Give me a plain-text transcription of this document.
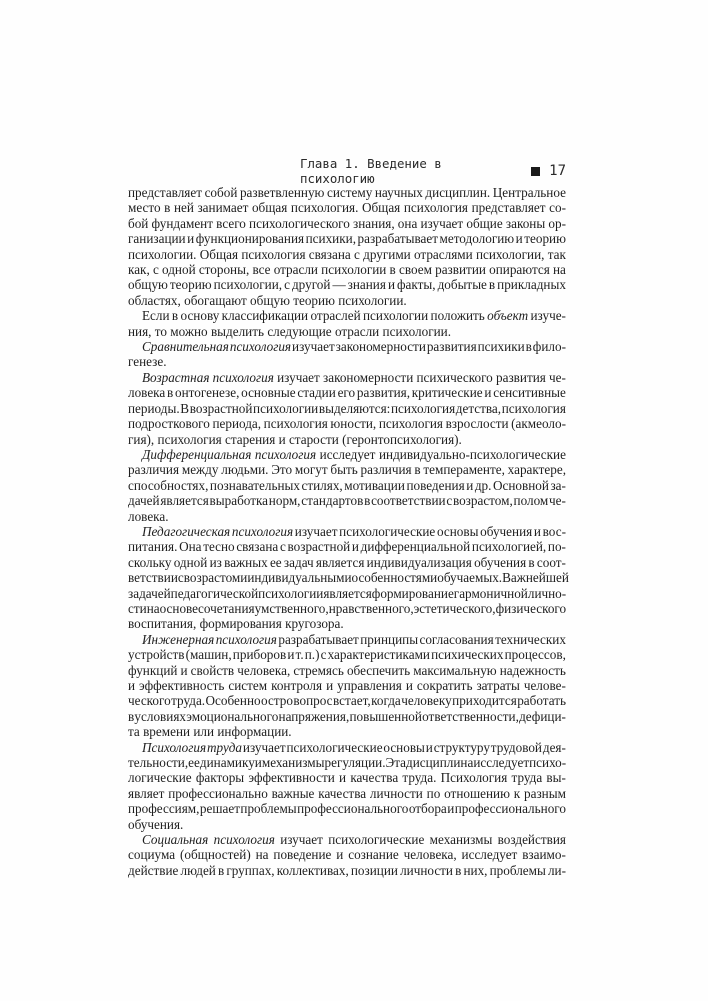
Глава 1. Введение в психологию	17
представляет собой разветвленную систему научных дисциплин. Центральное
место в ней занимает общая психология. Общая психология представляет со-
бой фундамент всего психологического знания, она изучает общие законы ор-
ганизации и функционирования психики, разрабатывает методологию и теорию
психологии. Общая психология связана с другими отраслями психологии, так
как, с одной стороны, все отрасли психологии в своем развитии опираются на
общую теорию психологии, с другой — знания и факты, добытые в прикладных
областях, обогащают общую теорию психологии.
Если в основу классификации отраслей психологии положить объект изуче-
ния, то можно выделить следующие отрасли психологии.
Сравнительная психология изучает закономерности развития психики в фило-
генезе.
Возрастная психология изучает закономерности психического развития че-
ловека в онтогенезе, основные стадии его развития, критические и сенситивные
периоды. В возрастной психологии выделяются: психология детства, психология
подросткового периода, психология юности, психология взрослости (акмеоло-
гия), психология старения и старости (геронтопсихология).
Дифференциальная психология исследует индивидуально-психологические
различия между людьми. Это могут быть различия в темпераменте, характере,
способностях, познавательных стилях, мотивации поведения и др. Основной за-
дачей является выработка норм, стандартов в соответствии с возрастом, полом че-
ловека.
Педагогическая психология изучает психологические основы обучения и вос-
питания. Она тесно связана с возрастной и дифференциальной психологией, по-
скольку одной из важных ее задач является индивидуализация обучения в соот-
ветствии с возрастом и индивидуальными особенностями обучаемых. Важнейшей
задачей педагогической психологии является формирование гармоничной лично-
сти на основе сочетания умственного, нравственного, эстетического, физического
воспитания, формирования кругозора.
Инженерная психология разрабатывает принципы согласования технических
устройств (машин, приборов и т. п.) с характеристиками психических процессов,
функций и свойств человека, стремясь обеспечить максимальную надежность
и эффективность систем контроля и управления и сократить затраты челове-
ческого труда. Особенно остро вопрос встает, когда человеку приходится работать
в условиях эмоционального напряжения, повышенной ответственности, дефици-
та времени или информации.
Психология труда изучает психологические основы и структуру трудовой дея-
тельности, ее динамику и механизмы регуляции. Эта дисциплина исследует психо-
логические факторы эффективности и качества труда. Психология труда вы-
являет профессионально важные качества личности по отношению к разным
профессиям, решает проблемы профессионального отбора и профессионального
обучения.
Социальная психология изучает психологические механизмы воздействия
социума (общностей) на поведение и сознание человека, исследует взаимо-
действие людей в группах, коллективах, позиции личности в них, проблемы ли-
